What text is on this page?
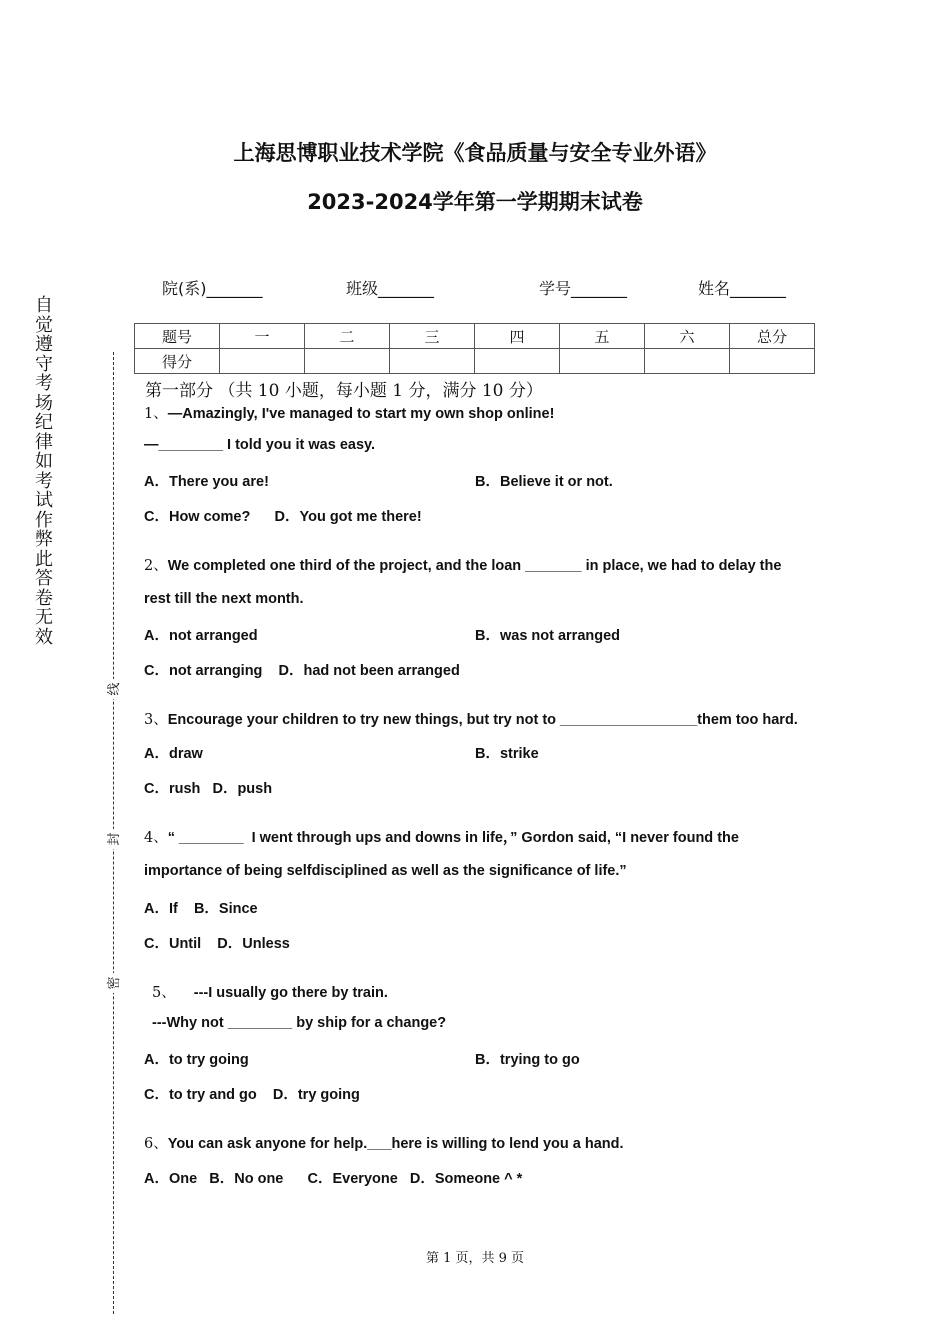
上海思博职业技术学院《食品质量与安全专业外语》
2023-2024学年第一学期期末试卷
自觉遵守考场纪律如考试作弊此答卷无效
线
封
密
院(系)_______	班级_______	学号_______	姓名_______
题号	一	二	三	四	五	六	总分
得分							
第一部分 （共 10 小题，每小题 1 分，满分 10 分）
1、—Amazingly, I've managed to start my own shop online!
—________ I told you it was easy.
A．There you are!	B．Believe it or not.
C．How come?      D．You got me there!
2、We completed one third of the project, and the loan _______ in place, we had to delay the
rest till the next month.
A．not arranged	B．was not arranged
C．not arranging    D．had not been arranged
3、Encourage your children to try new things, but try not to _________________them too hard.
A．draw	B．strike
C．rush   D．push
4、“ ________  I went through ups and downs in life，” Gordon said, “I never found the
importance of being selfdisciplined as well as the significance of life.”
A．If    B．Since
C．Until    D．Unless
5、 ---I usually go there by train.
---Why not ________ by ship for a change?
A．to try going	B．trying to go
C．to try and go    D．try going
6、You can ask anyone for help.___here is willing to lend you a hand.
A．One   B．No one      C．Everyone   D．Someone ^ *
第 1 页，共 9 页
